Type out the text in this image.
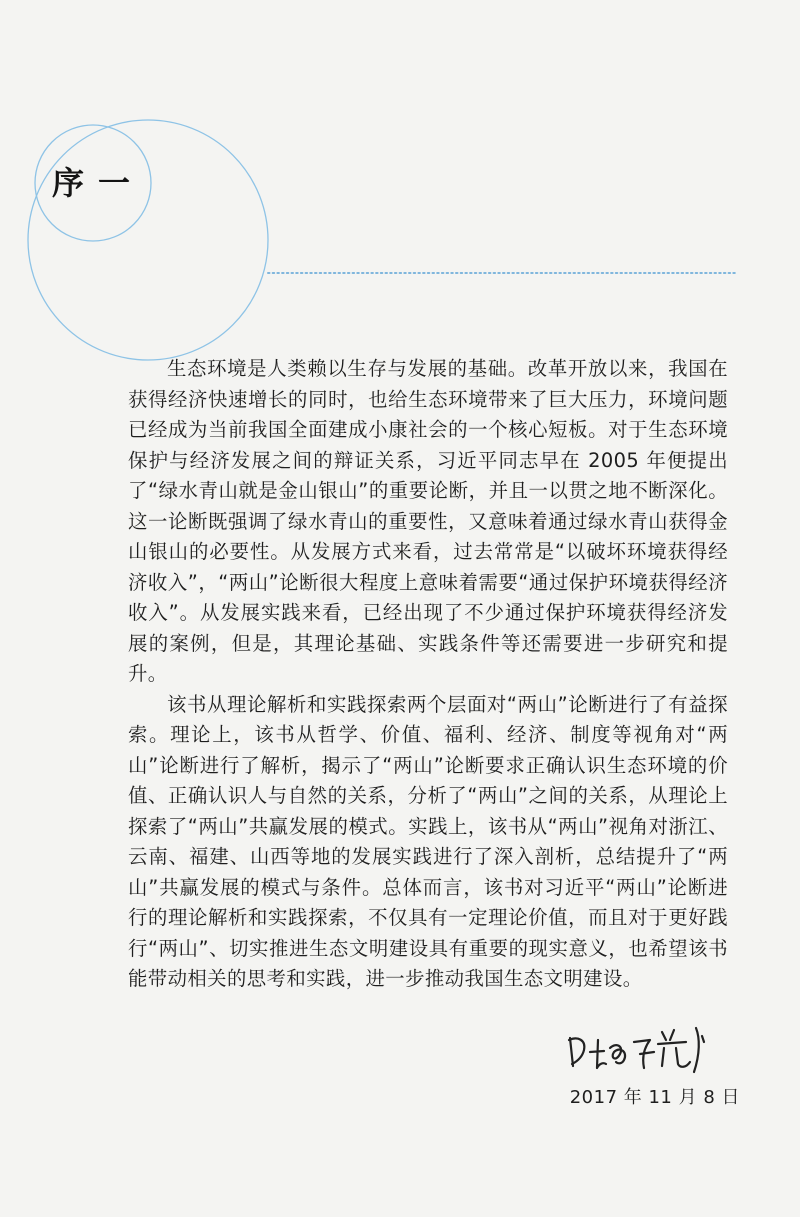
序一

生态环境是人类赖以生存与发展的基础。改革开放以来，我国在获得经济快速增长的同时，也给生态环境带来了巨大压力，环境问题已经成为当前我国全面建成小康社会的一个核心短板。对于生态环境保护与经济发展之间的辩证关系，习近平同志早在 2005 年便提出了“绿水青山就是金山银山”的重要论断，并且一以贯之地不断深化。这一论断既强调了绿水青山的重要性，又意味着通过绿水青山获得金山银山的必要性。从发展方式来看，过去常常是“以破坏环境获得经济收入”，“两山”论断很大程度上意味着需要“通过保护环境获得经济收入”。从发展实践来看，已经出现了不少通过保护环境获得经济发展的案例，但是，其理论基础、实践条件等还需要进一步研究和提升。

该书从理论解析和实践探索两个层面对“两山”论断进行了有益探索。理论上，该书从哲学、价值、福利、经济、制度等视角对“两山”论断进行了解析，揭示了“两山”论断要求正确认识生态环境的价值、正确认识人与自然的关系，分析了“两山”之间的关系，从理论上探索了“两山”共赢发展的模式。实践上，该书从“两山”视角对浙江、云南、福建、山西等地的发展实践进行了深入剖析，总结提升了“两山”共赢发展的模式与条件。总体而言，该书对习近平“两山”论断进行的理论解析和实践探索，不仅具有一定理论价值，而且对于更好践行“两山”、切实推进生态文明建设具有重要的现实意义，也希望该书能带动相关的思考和实践，进一步推动我国生态文明建设。

2017 年 11 月 8 日
